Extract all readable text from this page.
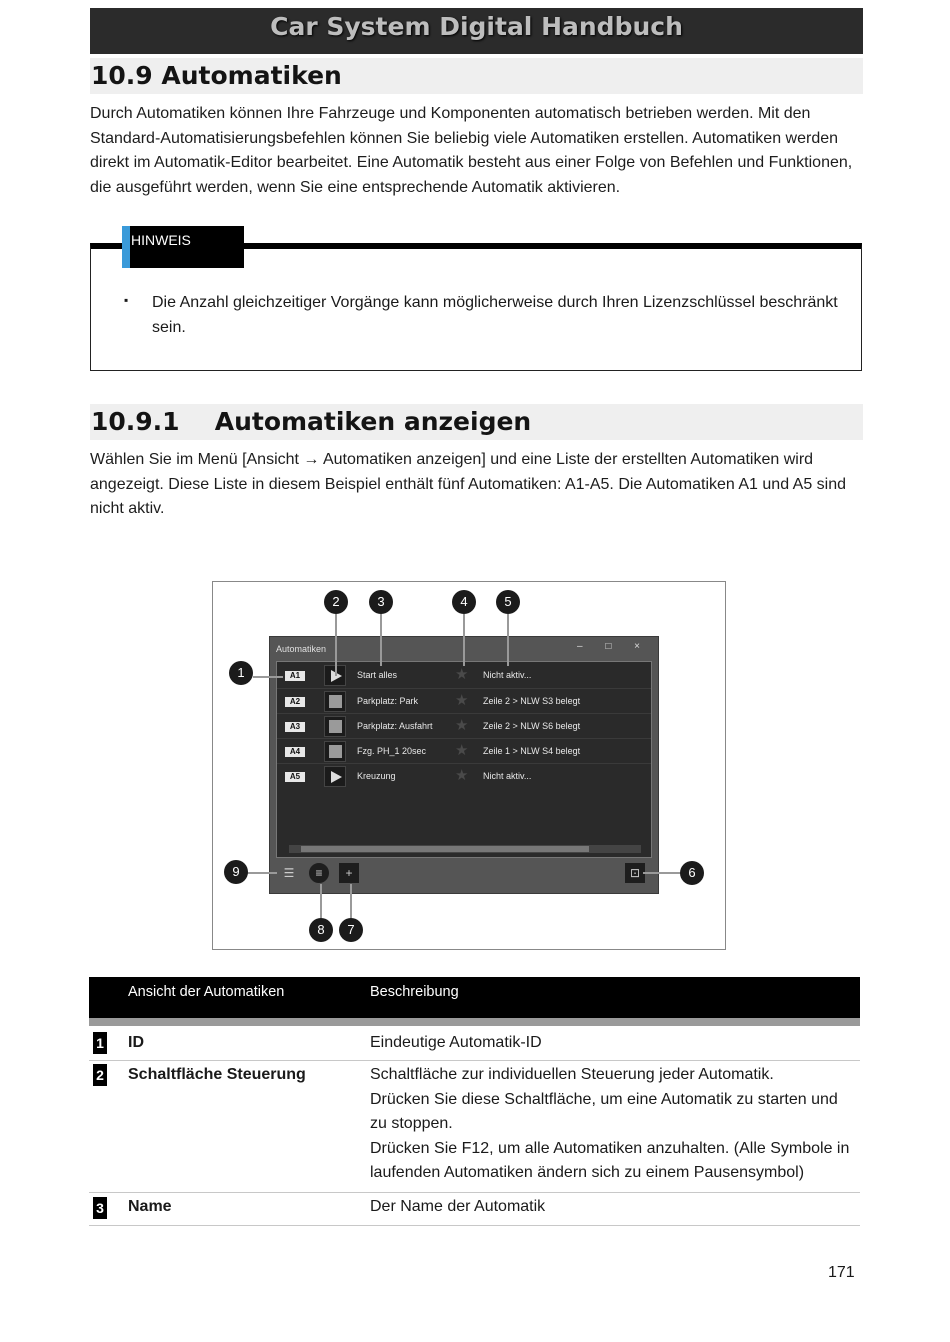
Car System Digital Handbuch
10.9 Automatiken

Durch Automatiken können Ihre Fahrzeuge und Komponenten automatisch betrieben werden. Mit den Standard-Automatisierungsbefehlen können Sie beliebig viele Automatiken erstellen. Automatiken werden direkt im Automatik-Editor bearbeitet. Eine Automatik besteht aus einer Folge von Befehlen und Funktionen, die ausgeführt werden, wenn Sie eine entsprechende Automatik aktivieren.

HINWEIS
▪ Die Anzahl gleichzeitiger Vorgänge kann möglicherweise durch Ihren Lizenzschlüssel beschränkt sein.

10.9.1 Automatiken anzeigen

Wählen Sie im Menü [Ansicht → Automatiken anzeigen] und eine Liste der erstellten Automatiken wird angezeigt. Diese Liste in diesem Beispiel enthält fünf Automatiken: A1-A5. Die Automatiken A1 und A5 sind nicht aktiv.

Automatiken	– □ ×
A1	Start alles	★ Nicht aktiv...
A2	Parkplatz: Park ★ Zeile 2 > NLW S3 belegt
A3	Parkplatz: Ausfahrt ★ Zeile 2 > NLW S6 belegt
A4	Fzg. PH_1 20sec ★ Zeile 1 > NLW S4 belegt
A5	Kreuzung	★ Nicht aktiv...
☰	≡	+	⊡
1
2	3	4	5
6
7
8
9
Ansicht der Automatiken	Beschreibung
1 ID	Eindeutige Automatik-ID
2 Schaltfläche Steuerung	Schaltfläche zur individuellen Steuerung jeder Automatik.
Drücken Sie diese Schaltfläche, um eine Automatik zu starten und zu stoppen.
Drücken Sie F12, um alle Automatiken anzuhalten. (Alle Symbole in laufenden Automatiken ändern sich zu einem Pausensymbol)
3 Name	Der Name der Automatik
171
